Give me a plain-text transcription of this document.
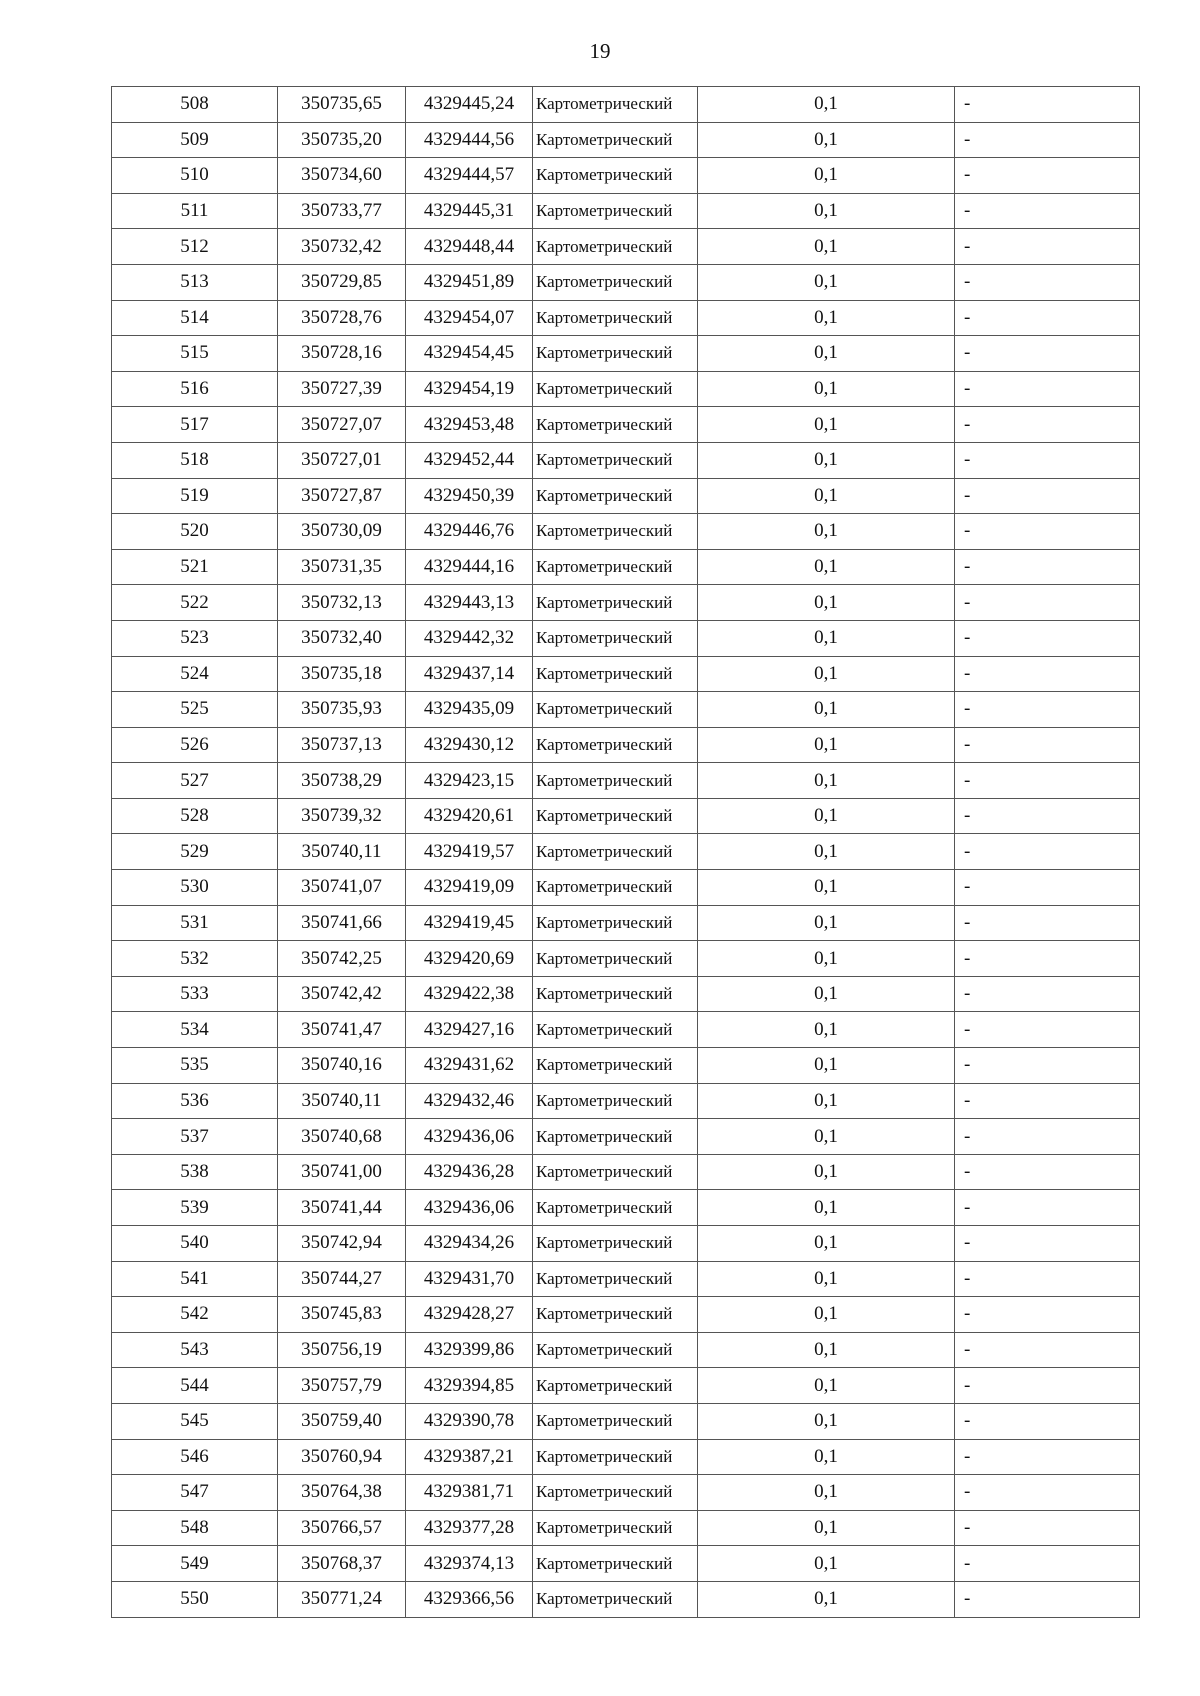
19
508	350735,65	4329445,24	Картометрический	0,1	-
509	350735,20	4329444,56	Картометрический	0,1	-
510	350734,60	4329444,57	Картометрический	0,1	-
511	350733,77	4329445,31	Картометрический	0,1	-
512	350732,42	4329448,44	Картометрический	0,1	-
513	350729,85	4329451,89	Картометрический	0,1	-
514	350728,76	4329454,07	Картометрический	0,1	-
515	350728,16	4329454,45	Картометрический	0,1	-
516	350727,39	4329454,19	Картометрический	0,1	-
517	350727,07	4329453,48	Картометрический	0,1	-
518	350727,01	4329452,44	Картометрический	0,1	-
519	350727,87	4329450,39	Картометрический	0,1	-
520	350730,09	4329446,76	Картометрический	0,1	-
521	350731,35	4329444,16	Картометрический	0,1	-
522	350732,13	4329443,13	Картометрический	0,1	-
523	350732,40	4329442,32	Картометрический	0,1	-
524	350735,18	4329437,14	Картометрический	0,1	-
525	350735,93	4329435,09	Картометрический	0,1	-
526	350737,13	4329430,12	Картометрический	0,1	-
527	350738,29	4329423,15	Картометрический	0,1	-
528	350739,32	4329420,61	Картометрический	0,1	-
529	350740,11	4329419,57	Картометрический	0,1	-
530	350741,07	4329419,09	Картометрический	0,1	-
531	350741,66	4329419,45	Картометрический	0,1	-
532	350742,25	4329420,69	Картометрический	0,1	-
533	350742,42	4329422,38	Картометрический	0,1	-
534	350741,47	4329427,16	Картометрический	0,1	-
535	350740,16	4329431,62	Картометрический	0,1	-
536	350740,11	4329432,46	Картометрический	0,1	-
537	350740,68	4329436,06	Картометрический	0,1	-
538	350741,00	4329436,28	Картометрический	0,1	-
539	350741,44	4329436,06	Картометрический	0,1	-
540	350742,94	4329434,26	Картометрический	0,1	-
541	350744,27	4329431,70	Картометрический	0,1	-
542	350745,83	4329428,27	Картометрический	0,1	-
543	350756,19	4329399,86	Картометрический	0,1	-
544	350757,79	4329394,85	Картометрический	0,1	-
545	350759,40	4329390,78	Картометрический	0,1	-
546	350760,94	4329387,21	Картометрический	0,1	-
547	350764,38	4329381,71	Картометрический	0,1	-
548	350766,57	4329377,28	Картометрический	0,1	-
549	350768,37	4329374,13	Картометрический	0,1	-
550	350771,24	4329366,56	Картометрический	0,1	-
